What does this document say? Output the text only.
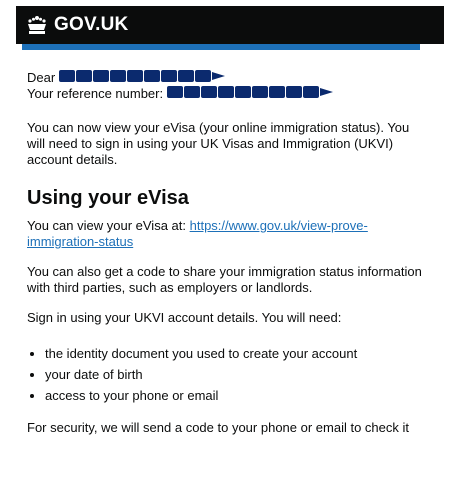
GOV.UK
Dear
Your reference number:

You can now view your eVisa (your online immigration status). You will need to sign in using your UK Visas and Immigration (UKVI) account details.

Using your eVisa

You can view your eVisa at: https://www.gov.uk/view-prove-immigration-status

You can also get a code to share your immigration status information with third parties, such as employers or landlords.

Sign in using your UKVI account details. You will need:

• the identity document you used to create your account
• your date of birth
• access to your phone or email

For security, we will send a code to your phone or email to check it
